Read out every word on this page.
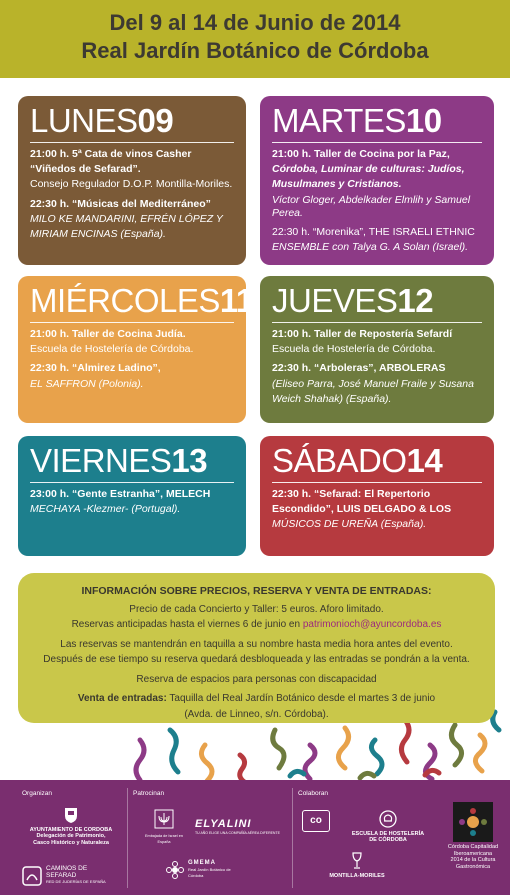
Del 9 al 14 de Junio de 2014
Real Jardín Botánico de Córdoba
LUNES09

21:00 h. 5ª Cata de vinos Casher

“Viñedos de Sefarad”.

Consejo Regulador D.O.P. Montilla-Moriles.

22:30 h. “Músicas del Mediterráneo”

MILO KE MANDARINI, EFRÉN LÓPEZ Y

MIRIAM ENCINAS (España).

MARTES10

21:00 h. Taller de Cocina por la Paz,

Córdoba, Luminar de culturas: Judíos,

Musulmanes y Cristianos.

Víctor Gloger, Abdelkader Elmlih y Samuel Perea.

22:30 h. “Morenika”, THE ISRAELI ETHNIC

ENSEMBLE con Talya G. A Solan (Israel).

MIÉRCOLES11

21:00 h. Taller de Cocina Judía.

Escuela de Hostelería de Córdoba.

22:30 h. “Almirez Ladino”,

EL SAFFRON (Polonia).

JUEVES12

21:00 h. Taller de Repostería Sefardí

Escuela de Hostelería de Córdoba.

22:30 h. “Arboleras”, ARBOLERAS

(Eliseo Parra, José Manuel Fraile y Susana

Weich Shahak) (España).

VIERNES13

23:00 h. “Gente Estranha”, MELECH

MECHAYA -Klezmer- (Portugal).

SÁBADO14

22:30 h. “Sefarad: El Repertorio

Escondido”, LUIS DELGADO & LOS

MÚSICOS DE UREÑA (España).

INFORMACIÓN SOBRE PRECIOS, RESERVA Y VENTA DE ENTRADAS:

Precio de cada Concierto y Taller: 5 euros. Aforo limitado.

Reservas anticipadas hasta el viernes 6 de junio en patrimonioch@ayuncordoba.es

Las reservas se mantendrán en taquilla a su nombre hasta media hora antes del evento.

Después de ese tiempo su reserva quedará desbloqueada y las entradas se pondrán a la venta.

Reserva de espacios para personas con discapacidad

Venta de entradas: Taquilla del Real Jardín Botánico desde el martes 3 de junio

(Avda. de Linneo, s/n. Córdoba).

Organizan	Patrocinan	Colaboran
AYUNTAMIENTO DE CORDOBA
Delegación de Patrimonio,
Casco Histórico y Naturaleza
CAMINOS DE
SEFARAD
RED DE JUDERÍAS DE ESPAÑA
Embajada de Israel en España
ELYALINI
TU AÑO ELIGE UNA COMPAÑÍA AÉREA DIFERENTE
GMEMA
Real Jardín Botánico de Córdoba
co
ESCUELA DE HOSTELERÍA
DE CÓRDOBA
MONTILLA-MORILES
Córdoba Capitalidad
Iberoamericana
2014 de la Cultura
Gastronómica
